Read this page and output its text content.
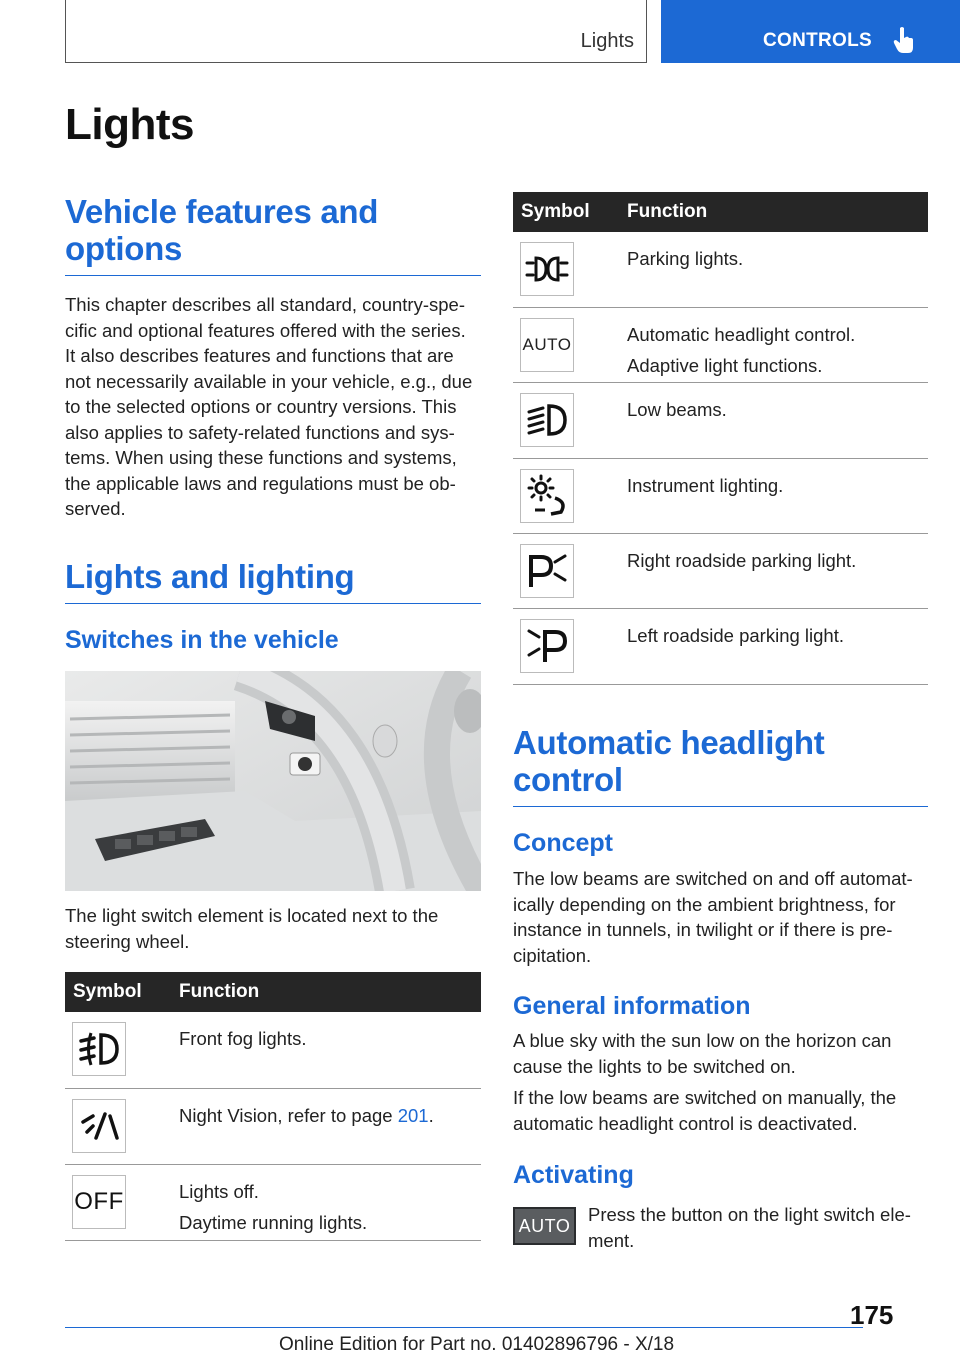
Lights	CONTROLS
Lights
Vehicle features and options

This chapter describes all standard, country-spe-cific and optional features offered with the series. It also describes features and functions that are not necessarily available in your vehicle, e.g., due to the selected options or country versions. This also applies to safety-related functions and sys-tems. When using these functions and systems, the applicable laws and regulations must be ob-served.

Lights and lighting
Switches in the vehicle

The light switch element is located next to the steering wheel.

Symbol	Function

Front fog lights.

Night Vision, refer to page 201.

OFF	Lights off.
Daytime running lights.
Symbol	Function

Parking lights.

AUTO	Automatic headlight control.
Adaptive light functions.

Low beams.

Instrument lighting.

Right roadside parking light.

Left roadside parking light.
Automatic headlight control
Concept

The low beams are switched on and off automat-ically depending on the ambient brightness, for instance in tunnels, in twilight or if there is pre-cipitation.

General information

A blue sky with the sun low on the horizon can cause the lights to be switched on.

If the low beams are switched on manually, the automatic headlight control is deactivated.

Activating
AUTO

Press the button on the light switch ele-ment.

175
Online Edition for Part no. 01402896796 - X/18
